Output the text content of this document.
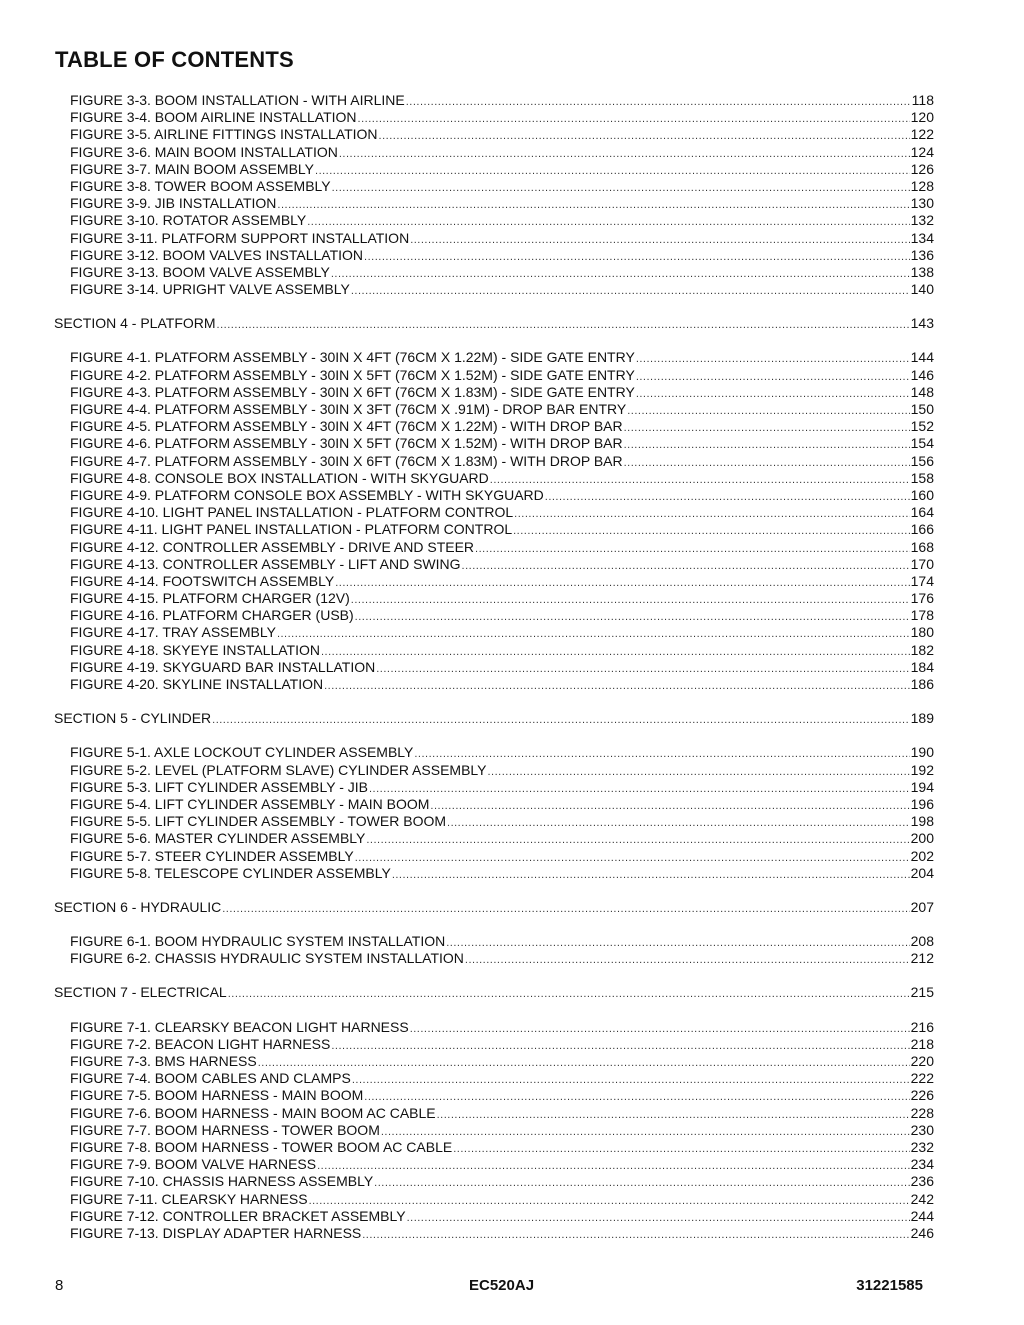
TABLE OF CONTENTS
FIGURE 3-3. BOOM INSTALLATION - WITH AIRLINE .....	118
FIGURE 3-4. BOOM AIRLINE INSTALLATION .....	120
FIGURE 3-5. AIRLINE FITTINGS INSTALLATION .....	122
FIGURE 3-6. MAIN BOOM INSTALLATION .....	124
FIGURE 3-7. MAIN BOOM ASSEMBLY .....	126
FIGURE 3-8. TOWER BOOM ASSEMBLY .....	128
FIGURE 3-9. JIB INSTALLATION .....	130
FIGURE 3-10. ROTATOR ASSEMBLY .....	132
FIGURE 3-11. PLATFORM SUPPORT INSTALLATION .....	134
FIGURE 3-12. BOOM VALVES INSTALLATION .....	136
FIGURE 3-13. BOOM VALVE ASSEMBLY .....	138
FIGURE 3-14. UPRIGHT VALVE ASSEMBLY .....	140
SECTION 4 - PLATFORM .....	143
FIGURE 4-1. PLATFORM ASSEMBLY - 30IN X 4FT (76CM X 1.22M) - SIDE GATE ENTRY .....	144
FIGURE 4-2. PLATFORM ASSEMBLY - 30IN X 5FT (76CM X 1.52M) - SIDE GATE ENTRY .....	146
FIGURE 4-3. PLATFORM ASSEMBLY - 30IN X 6FT (76CM X 1.83M) - SIDE GATE ENTRY .....	148
FIGURE 4-4. PLATFORM ASSEMBLY - 30IN X 3FT (76CM X .91M) - DROP BAR ENTRY .....	150
FIGURE 4-5. PLATFORM ASSEMBLY - 30IN X 4FT (76CM X 1.22M) - WITH DROP BAR .....	152
FIGURE 4-6. PLATFORM ASSEMBLY - 30IN X 5FT (76CM X 1.52M) - WITH DROP BAR .....	154
FIGURE 4-7. PLATFORM ASSEMBLY - 30IN X 6FT (76CM X 1.83M) - WITH DROP BAR .....	156
FIGURE 4-8. CONSOLE BOX INSTALLATION - WITH SKYGUARD .....	158
FIGURE 4-9. PLATFORM CONSOLE BOX ASSEMBLY - WITH SKYGUARD .....	160
FIGURE 4-10. LIGHT PANEL INSTALLATION - PLATFORM CONTROL .....	164
FIGURE 4-11. LIGHT PANEL INSTALLATION - PLATFORM CONTROL .....	166
FIGURE 4-12. CONTROLLER ASSEMBLY - DRIVE AND STEER .....	168
FIGURE 4-13. CONTROLLER ASSEMBLY - LIFT AND SWING .....	170
FIGURE 4-14. FOOTSWITCH ASSEMBLY .....	174
FIGURE 4-15. PLATFORM CHARGER (12V) .....	176
FIGURE 4-16. PLATFORM CHARGER (USB) .....	178
FIGURE 4-17. TRAY ASSEMBLY .....	180
FIGURE 4-18. SKYEYE INSTALLATION .....	182
FIGURE 4-19. SKYGUARD BAR INSTALLATION .....	184
FIGURE 4-20. SKYLINE INSTALLATION .....	186
SECTION 5 - CYLINDER .....	189
FIGURE 5-1. AXLE LOCKOUT CYLINDER ASSEMBLY .....	190
FIGURE 5-2. LEVEL (PLATFORM SLAVE) CYLINDER ASSEMBLY .....	192
FIGURE 5-3. LIFT CYLINDER ASSEMBLY - JIB .....	194
FIGURE 5-4. LIFT CYLINDER ASSEMBLY - MAIN BOOM .....	196
FIGURE 5-5. LIFT CYLINDER ASSEMBLY - TOWER BOOM .....	198
FIGURE 5-6. MASTER CYLINDER ASSEMBLY .....	200
FIGURE 5-7. STEER CYLINDER ASSEMBLY .....	202
FIGURE 5-8. TELESCOPE CYLINDER ASSEMBLY .....	204
SECTION 6 - HYDRAULIC .....	207
FIGURE 6-1. BOOM HYDRAULIC SYSTEM INSTALLATION .....	208
FIGURE 6-2. CHASSIS HYDRAULIC SYSTEM INSTALLATION .....	212
SECTION 7 - ELECTRICAL .....	215
FIGURE 7-1. CLEARSKY BEACON LIGHT HARNESS .....	216
FIGURE 7-2. BEACON LIGHT HARNESS .....	218
FIGURE 7-3. BMS HARNESS .....	220
FIGURE 7-4. BOOM CABLES AND CLAMPS .....	222
FIGURE 7-5. BOOM HARNESS - MAIN BOOM .....	226
FIGURE 7-6. BOOM HARNESS - MAIN BOOM AC CABLE .....	228
FIGURE 7-7. BOOM HARNESS - TOWER BOOM .....	230
FIGURE 7-8. BOOM HARNESS - TOWER BOOM AC CABLE .....	232
FIGURE 7-9. BOOM VALVE HARNESS .....	234
FIGURE 7-10. CHASSIS HARNESS ASSEMBLY .....	236
FIGURE 7-11. CLEARSKY HARNESS .....	242
FIGURE 7-12. CONTROLLER BRACKET ASSEMBLY .....	244
FIGURE 7-13. DISPLAY ADAPTER HARNESS .....	246
8	EC520AJ	31221585
